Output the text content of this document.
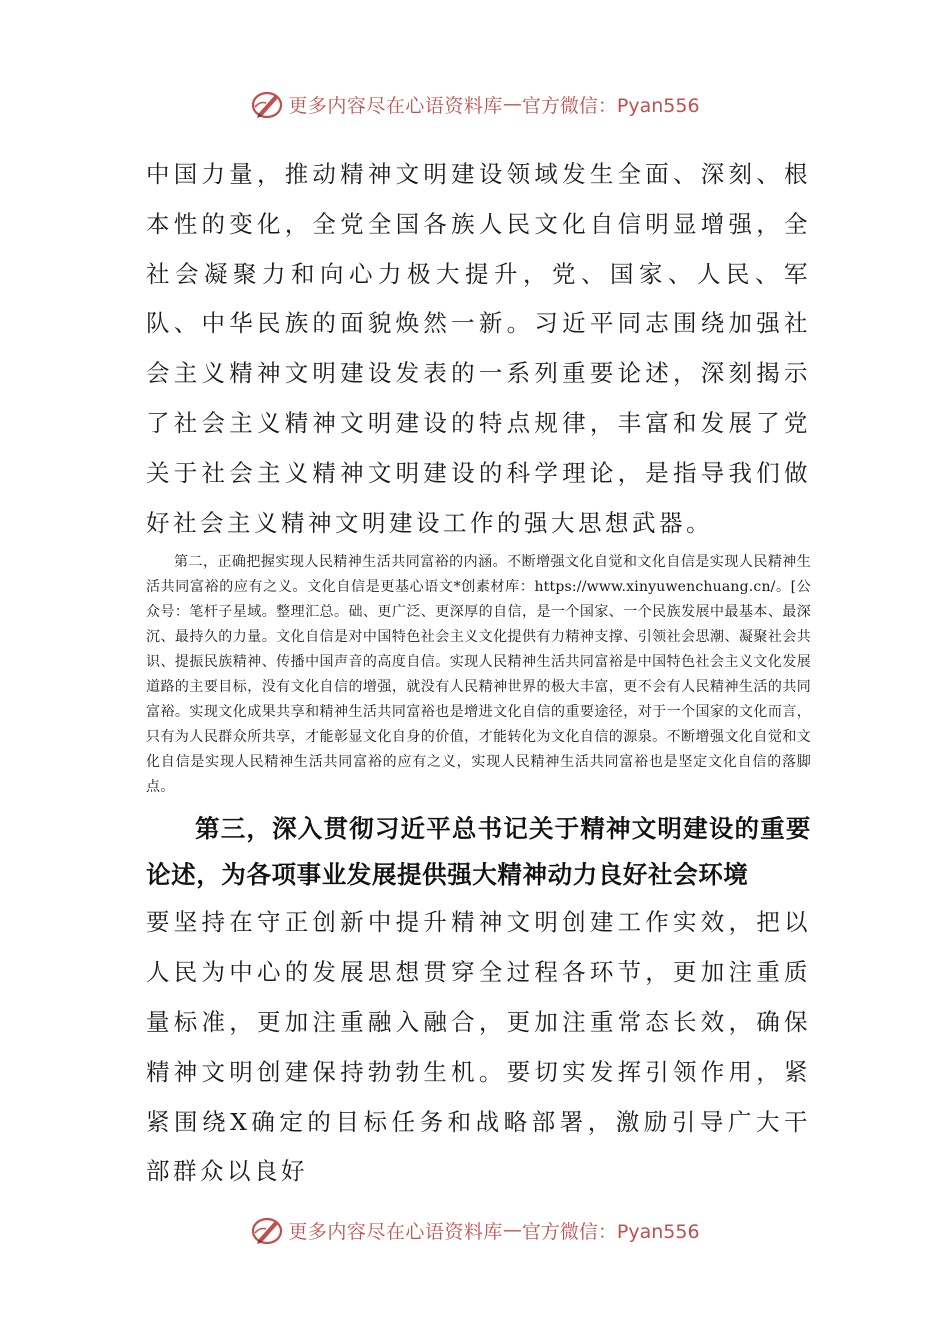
更多内容尽在心语资料库 — 官方微信：Pyan556

中国力量，推动精神文明建设领域发生全面、深刻、根本性的变化，全党全国各族人民文化自信明显增强，全社会凝聚力和向心力极大提升，党、国家、人民、军队、中华民族的面貌焕然一新。习近平同志围绕加强社会主义精神文明建设发表的一系列重要论述，深刻揭示了社会主义精神文明建设的特点规律，丰富和发展了党关于社会主义精神文明建设的科学理论，是指导我们做好社会主义精神文明建设工作的强大思想武器。

第二，正确把握实现人民精神生活共同富裕的内涵。不断增强文化自觉和文化自信是实现人民精神生活共同富裕的应有之义。文化自信是更基心语文*创素材库：https://www.xinyuwenchuang.cn/。[公众号：笔杆子星域。整理汇总。础、更广泛、更深厚的自信，是一个国家、一个民族发展中最基本、最深沉、最持久的力量。文化自信是对中国特色社会主义文化提供有力精神支撑、引领社会思潮、凝聚社会共识、提振民族精神、传播中国声音的高度自信。实现人民精神生活共同富裕是中国特色社会主义文化发展道路的主要目标，没有文化自信的增强，就没有人民精神世界的极大丰富，更不会有人民精神生活的共同富裕。实现文化成果共享和精神生活共同富裕也是增进文化自信的重要途径，对于一个国家的文化而言，只有为人民群众所共享，才能彰显文化自身的价值，才能转化为文化自信的源泉。不断增强文化自觉和文化自信是实现人民精神生活共同富裕的应有之义，实现人民精神生活共同富裕也是坚定文化自信的落脚点。

第三，深入贯彻习近平总书记关于精神文明建设的重要论述，为各项事业发展提供强大精神动力良好社会环境

要坚持在守正创新中提升精神文明创建工作实效，把以人民为中心的发展思想贯穿全过程各环节，更加注重质量标准，更加注重融入融合，更加注重常态长效，确保精神文明创建保持勃勃生机。要切实发挥引领作用，紧紧围绕X确定的目标任务和战略部署，激励引导广大干部群众以良好

更多内容尽在心语资料库 — 官方微信：Pyan556
